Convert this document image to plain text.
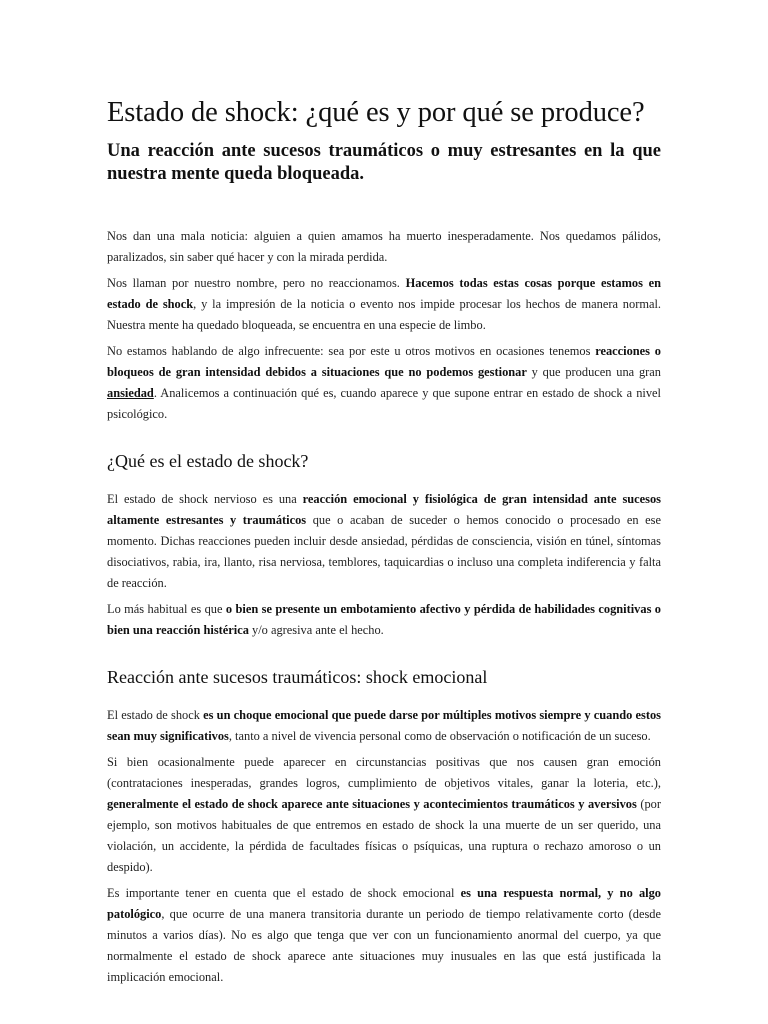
Estado de shock: ¿qué es y por qué se produce?
Una reacción ante sucesos traumáticos o muy estresantes en la que nuestra mente queda bloqueada.

Nos dan una mala noticia: alguien a quien amamos ha muerto inesperadamente. Nos quedamos pálidos, paralizados, sin saber qué hacer y con la mirada perdida.

Nos llaman por nuestro nombre, pero no reaccionamos. Hacemos todas estas cosas porque estamos en estado de shock, y la impresión de la noticia o evento nos impide procesar los hechos de manera normal. Nuestra mente ha quedado bloqueada, se encuentra en una especie de limbo.

No estamos hablando de algo infrecuente: sea por este u otros motivos en ocasiones tenemos reacciones o bloqueos de gran intensidad debidos a situaciones que no podemos gestionar y que producen una gran ansiedad. Analicemos a continuación qué es, cuando aparece y que supone entrar en estado de shock a nivel psicológico.

¿Qué es el estado de shock?

El estado de shock nervioso es una reacción emocional y fisiológica de gran intensidad ante sucesos altamente estresantes y traumáticos que o acaban de suceder o hemos conocido o procesado en ese momento. Dichas reacciones pueden incluir desde ansiedad, pérdidas de consciencia, visión en túnel, síntomas disociativos, rabia, ira, llanto, risa nerviosa, temblores, taquicardias o incluso una completa indiferencia y falta de reacción.

Lo más habitual es que o bien se presente un embotamiento afectivo y pérdida de habilidades cognitivas o bien una reacción histérica y/o agresiva ante el hecho.

Reacción ante sucesos traumáticos: shock emocional

El estado de shock es un choque emocional que puede darse por múltiples motivos siempre y cuando estos sean muy significativos, tanto a nivel de vivencia personal como de observación o notificación de un suceso.

Si bien ocasionalmente puede aparecer en circunstancias positivas que nos causen gran emoción (contrataciones inesperadas, grandes logros, cumplimiento de objetivos vitales, ganar la loteria, etc.), generalmente el estado de shock aparece ante situaciones y acontecimientos traumáticos y aversivos (por ejemplo, son motivos habituales de que entremos en estado de shock la una muerte de un ser querido, una violación, un accidente, la pérdida de facultades físicas o psíquicas, una ruptura o rechazo amoroso o un despido).

Es importante tener en cuenta que el estado de shock emocional es una respuesta normal, y no algo patológico, que ocurre de una manera transitoria durante un periodo de tiempo relativamente corto (desde minutos a varios días). No es algo que tenga que ver con un funcionamiento anormal del cuerpo, ya que normalmente el estado de shock aparece ante situaciones muy inusuales en las que está justificada la implicación emocional.
